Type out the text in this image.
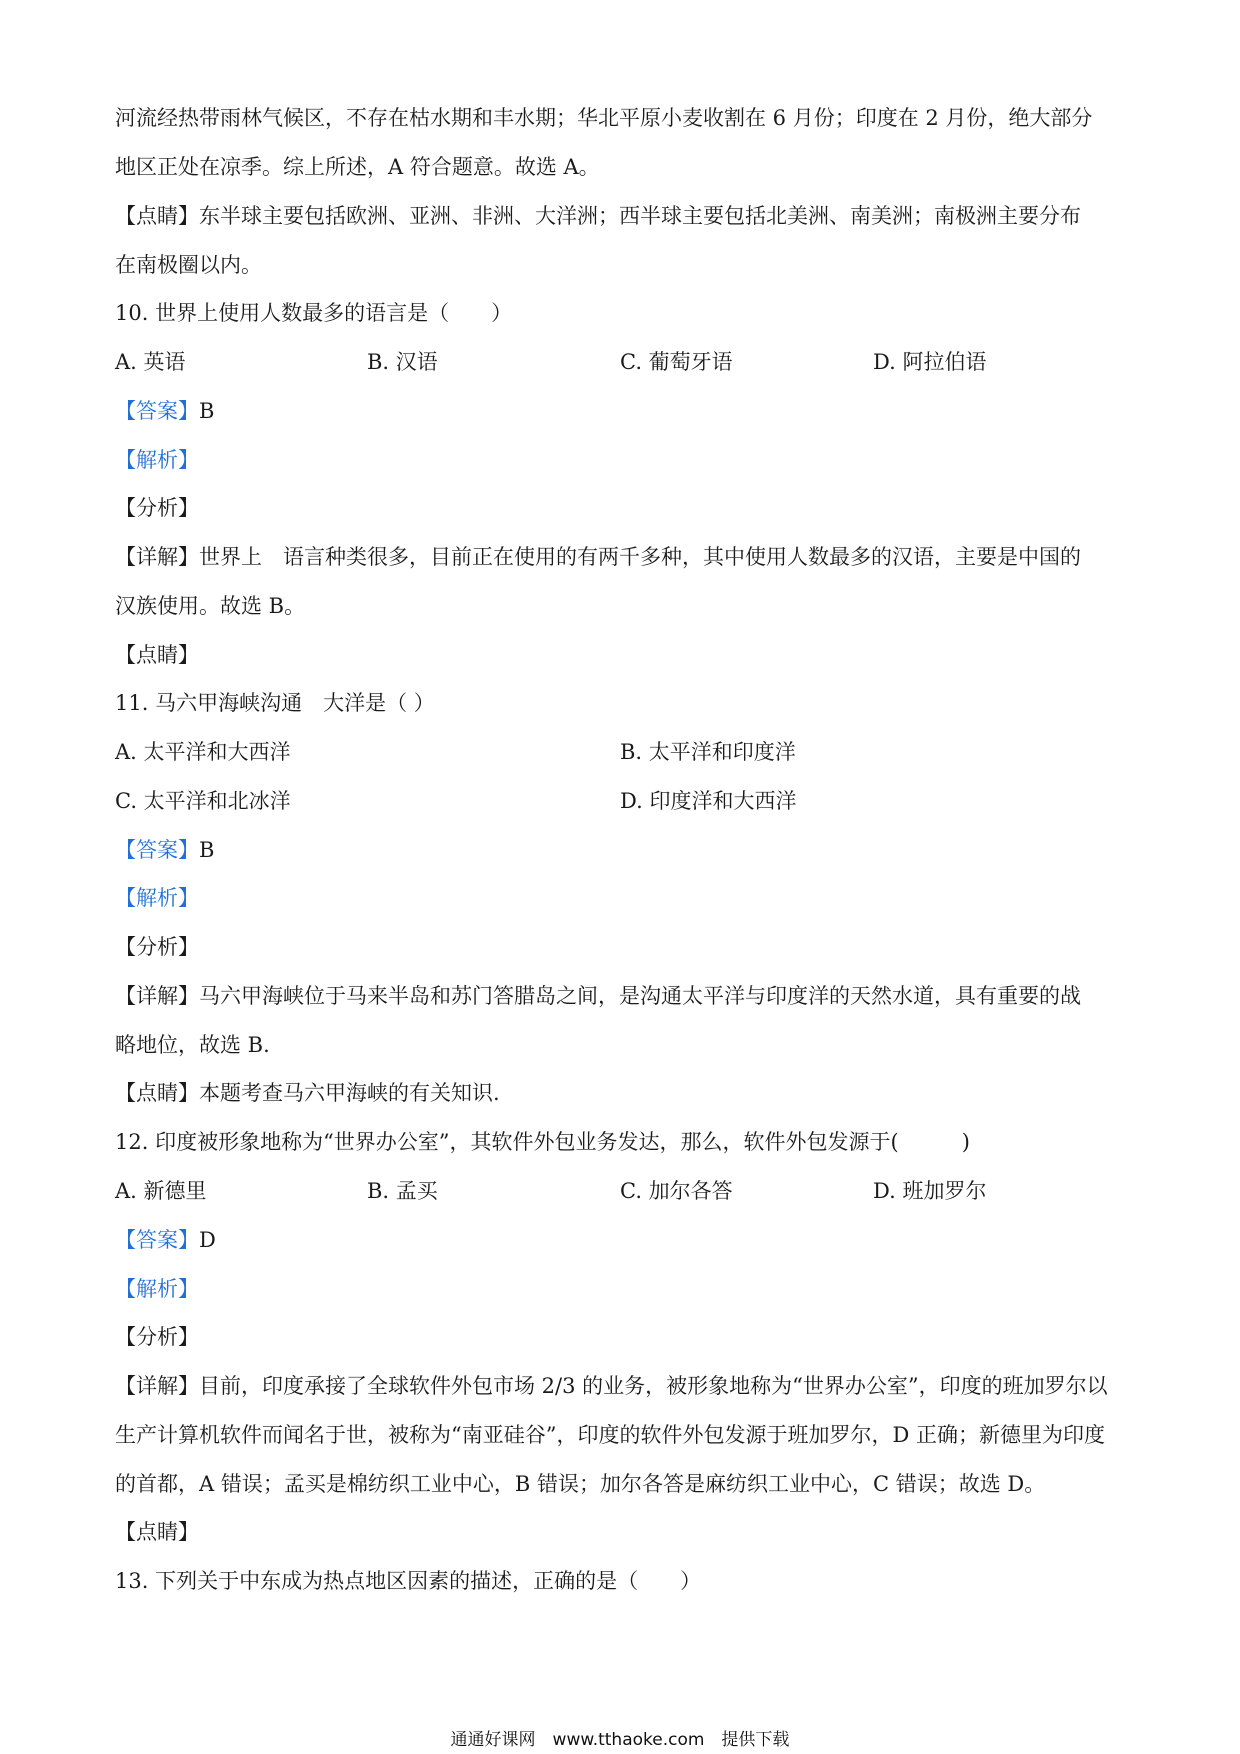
河流经热带雨林气候区，不存在枯水期和丰水期；华北平原小麦收割在 6 月份；印度在 2 月份，绝大部分
地区正处在凉季。综上所述，A 符合题意。故选 A。
【点睛】东半球主要包括欧洲、亚洲、非洲、大洋洲；西半球主要包括北美洲、南美洲；南极洲主要分布
在南极圈以内。
10. 世界上使用人数最多的语言是（　　）
A. 英语	B. 汉语	C. 葡萄牙语	D. 阿拉伯语
【答案】B
【解析】
【分析】
【详解】世界上　语言种类很多，目前正在使用的有两千多种，其中使用人数最多的汉语，主要是中国的
汉族使用。故选 B。
【点睛】
11. 马六甲海峡沟通　大洋是（ ）
A. 太平洋和大西洋	B. 太平洋和印度洋
C. 太平洋和北冰洋	D. 印度洋和大西洋
【答案】B
【解析】
【分析】
【详解】马六甲海峡位于马来半岛和苏门答腊岛之间，是沟通太平洋与印度洋的天然水道，具有重要的战
略地位，故选 B.
【点睛】本题考查马六甲海峡的有关知识.
12. 印度被形象地称为“世界办公室”，其软件外包业务发达，那么，软件外包发源于(　　　)
A. 新德里	B. 孟买	C. 加尔各答	D. 班加罗尔
【答案】D
【解析】
【分析】
【详解】目前，印度承接了全球软件外包市场 2/3 的业务，被形象地称为“世界办公室”，印度的班加罗尔以
生产计算机软件而闻名于世，被称为“南亚硅谷”，印度的软件外包发源于班加罗尔，D 正确；新德里为印度
的首都，A 错误；孟买是棉纺织工业中心，B 错误；加尔各答是麻纺织工业中心，C 错误；故选 D。
【点睛】
13. 下列关于中东成为热点地区因素的描述，正确的是（　　）
通通好课网　www.tthaoke.com　提供下载
